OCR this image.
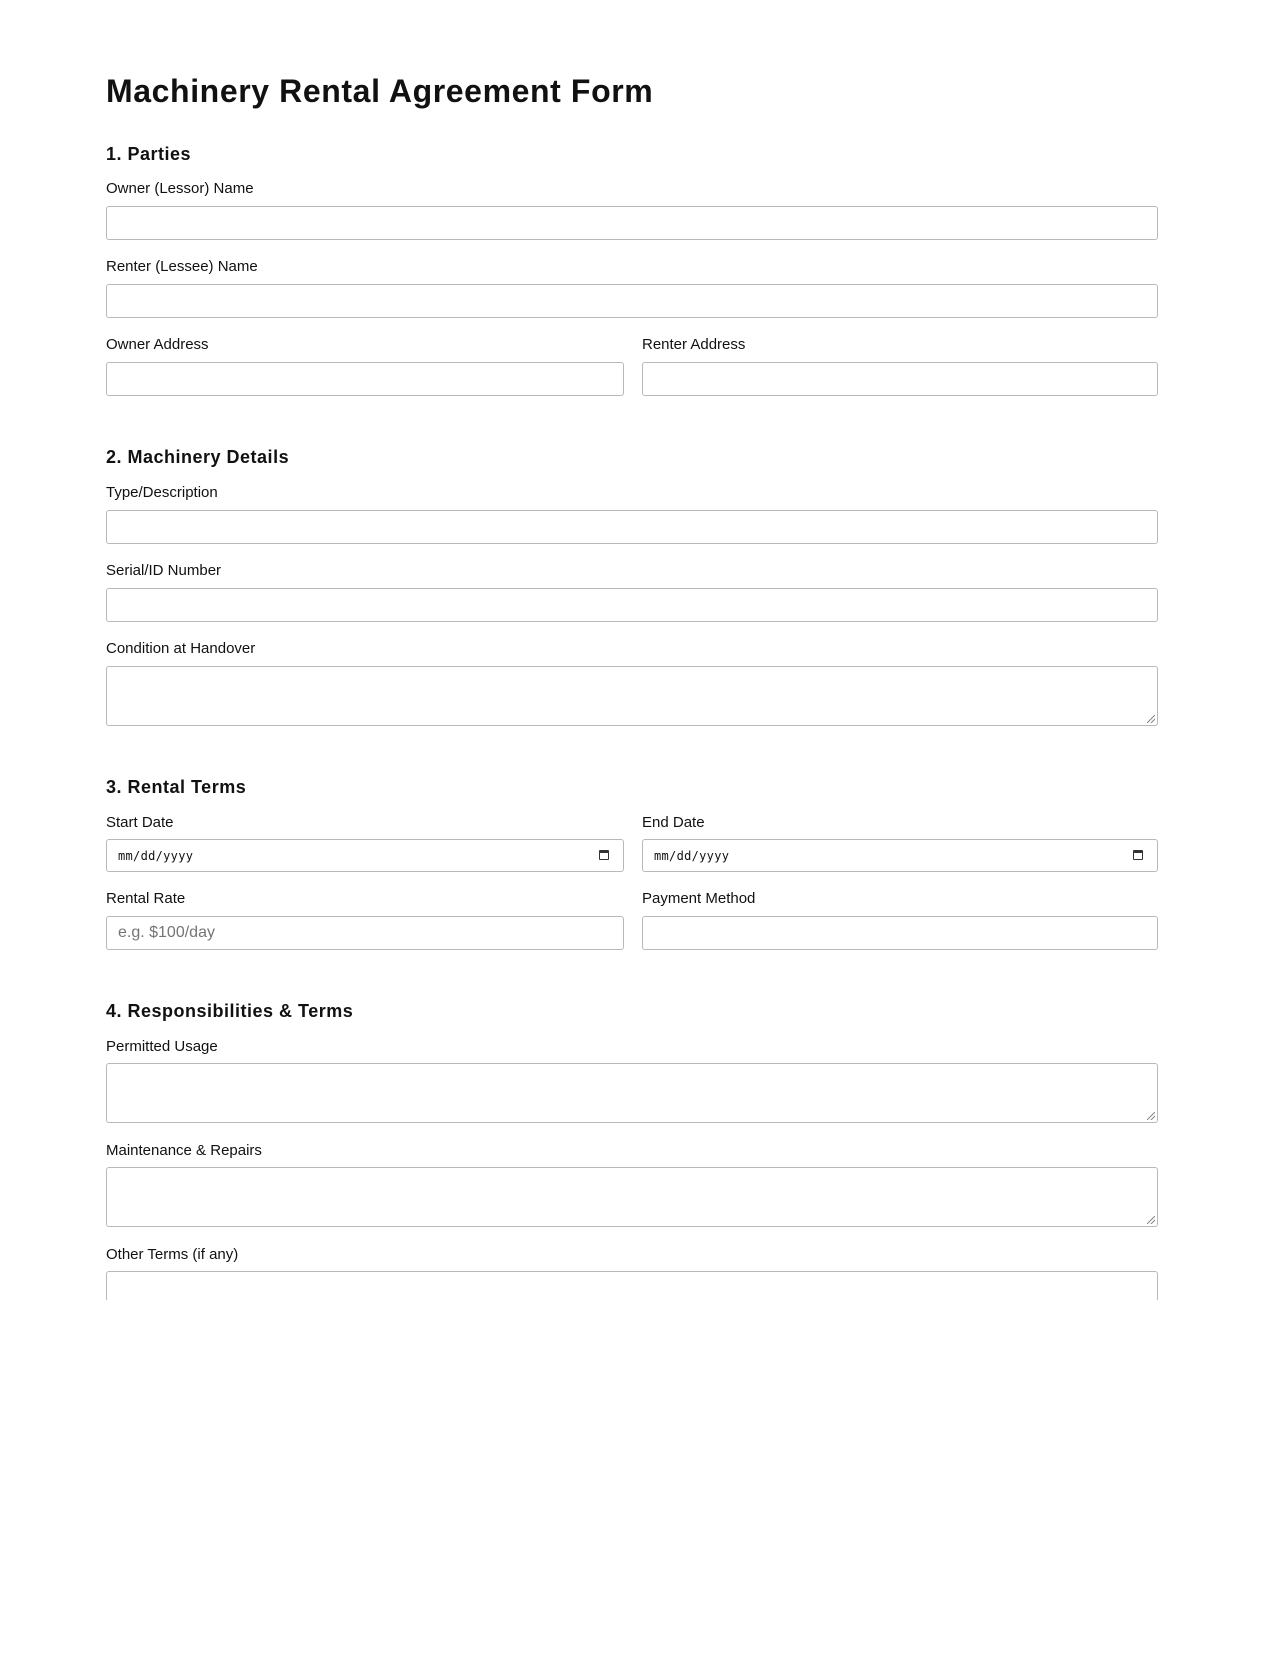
Machinery Rental Agreement Form
1. Parties
Owner (Lessor) Name
Renter (Lessee) Name
Owner Address	Renter Address
2. Machinery Details
Type/Description
Serial/ID Number
Condition at Handover
3. Rental Terms
Start Date
mm/dd/yyyy
End Date
mm/dd/yyyy
Rental Rate
e.g. $100/day	Payment Method
4. Responsibilities & Terms
Permitted Usage
Maintenance & Repairs
Other Terms (if any)
